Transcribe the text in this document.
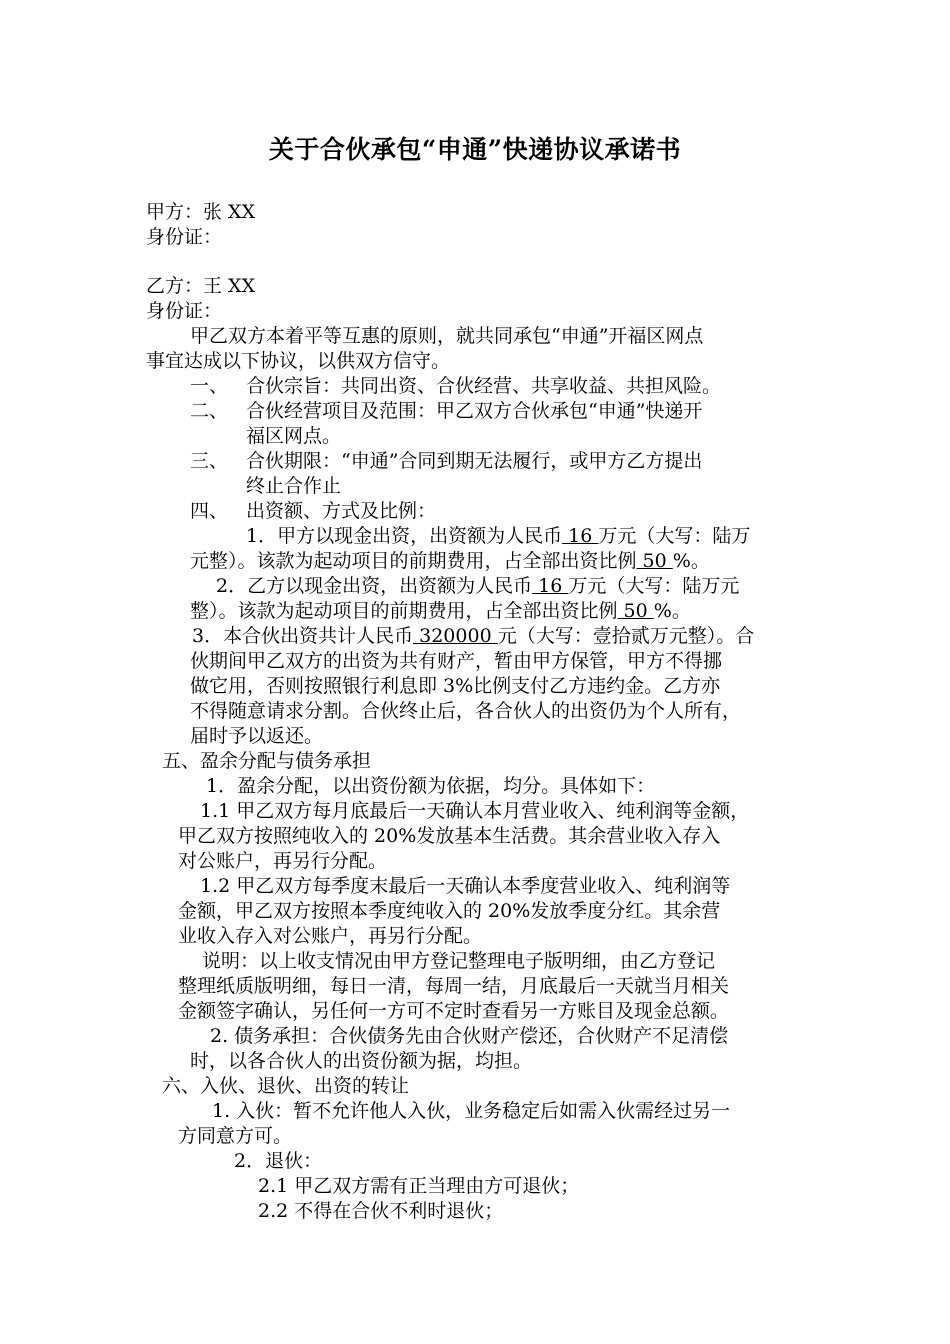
关于合伙承包“申通”快递协议承诺书
甲方：张 XX
身份证：
乙方：王 XX
身份证：
甲乙双方本着平等互惠的原则，就共同承包“申通”开福区网点
事宜达成以下协议，以供双方信守。
一、 合伙宗旨：共同出资、合伙经营、共享收益、共担风险。
二、 合伙经营项目及范围：甲乙双方合伙承包“申通”快递开
福区网点。
三、 合伙期限：“申通”合同到期无法履行，或甲方乙方提出
终止合作止
四、 出资额、方式及比例：
1．甲方以现金出资，出资额为人民币 16 万元（大写：陆万
元整）。该款为起动项目的前期费用，占全部出资比例 50 %。
2．乙方以现金出资，出资额为人民币 16 万元（大写：陆万元
整）。该款为起动项目的前期费用，占全部出资比例 50 %。
3．本合伙出资共计人民币 320000 元（大写：壹拾贰万元整）。合
伙期间甲乙双方的出资为共有财产，暂由甲方保管，甲方不得挪
做它用，否则按照银行利息即 3%比例支付乙方违约金。乙方亦
不得随意请求分割。合伙终止后，各合伙人的出资仍为个人所有，
届时予以返还。
五、盈余分配与债务承担
1．盈余分配，以出资份额为依据，均分。具体如下：
1.1 甲乙双方每月底最后一天确认本月营业收入、纯利润等金额，
甲乙双方按照纯收入的 20%发放基本生活费。其余营业收入存入
对公账户，再另行分配。
1.2 甲乙双方每季度末最后一天确认本季度营业收入、纯利润等
金额，甲乙双方按照本季度纯收入的 20%发放季度分红。其余营
业收入存入对公账户，再另行分配。
说明：以上收支情况由甲方登记整理电子版明细，由乙方登记
整理纸质版明细，每日一清，每周一结，月底最后一天就当月相关
金额签字确认，另任何一方可不定时查看另一方账目及现金总额。
2. 债务承担：合伙债务先由合伙财产偿还，合伙财产不足清偿
时，以各合伙人的出资份额为据，均担。
六、入伙、退伙、出资的转让
1. 入伙：暂不允许他人入伙，业务稳定后如需入伙需经过另一
方同意方可。
2．退伙：
2.1 甲乙双方需有正当理由方可退伙；
2.2 不得在合伙不利时退伙；
